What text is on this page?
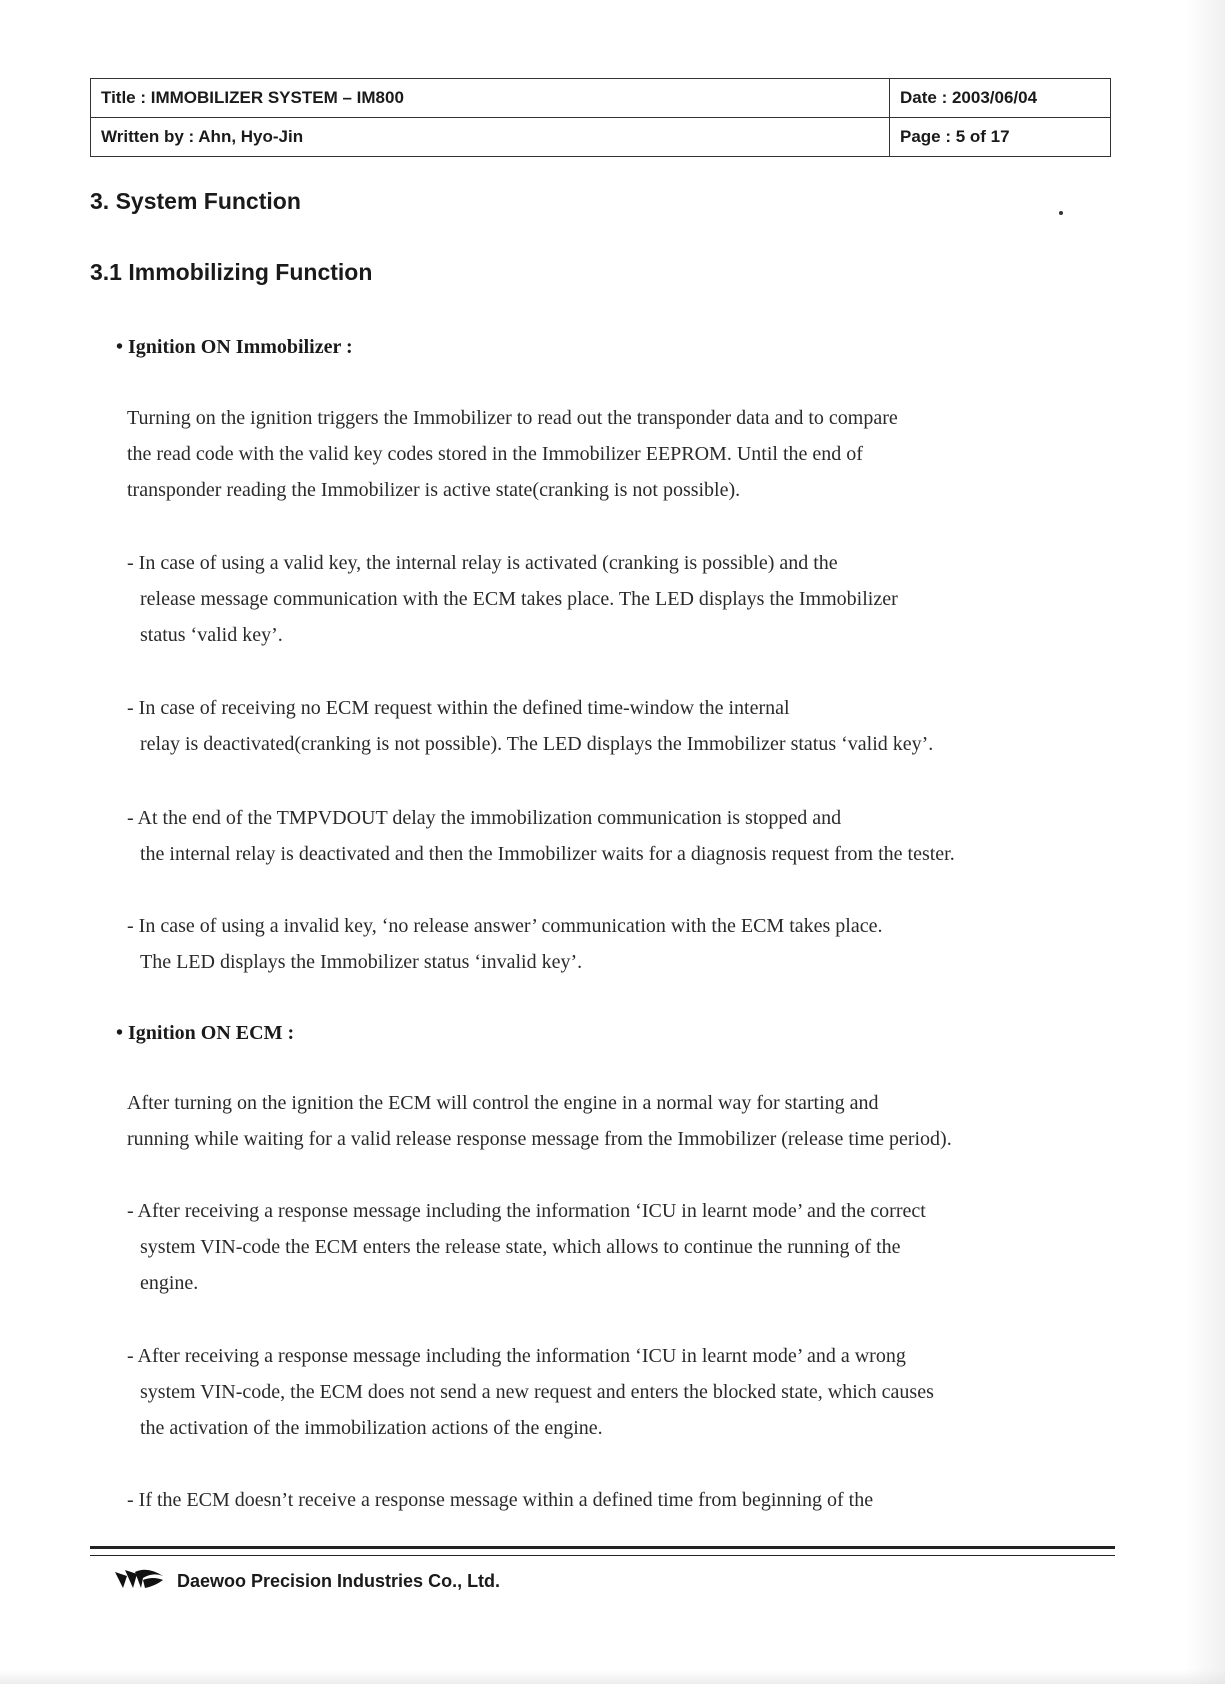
Title : IMMOBILIZER SYSTEM – IM800	Date : 2003/06/04
Written by : Ahn, Hyo-Jin	Page : 5 of 17
3. System Function
3.1 Immobilizing Function
• Ignition ON Immobilizer :

Turning on the ignition triggers the Immobilizer to read out the transponder data and to compare
the read code with the valid key codes stored in the Immobilizer EEPROM. Until the end of
transponder reading the Immobilizer is active state(cranking is not possible).

- In case of using a valid key, the internal relay is activated (cranking is possible) and the
release message communication with the ECM takes place. The LED displays the Immobilizer
status ‘valid key’.

- In case of receiving no ECM request within the defined time-window the internal
relay is deactivated(cranking is not possible). The LED displays the Immobilizer status ‘valid key’.

- At the end of the TMPVDOUT delay the immobilization communication is stopped and
the internal relay is deactivated and then the Immobilizer waits for a diagnosis request from the tester.

- In case of using a invalid key, ‘no release answer’ communication with the ECM takes place.
The LED displays the Immobilizer status ‘invalid key’.

• Ignition ON ECM :

After turning on the ignition the ECM will control the engine in a normal way for starting and
running while waiting for a valid release response message from the Immobilizer (release time period).

- After receiving a response message including the information ‘ICU in learnt mode’ and the correct
system VIN-code the ECM enters the release state, which allows to continue the running of the
engine.

- After receiving a response message including the information ‘ICU in learnt mode’ and a wrong
system VIN-code, the ECM does not send a new request and enters the blocked state, which causes
the activation of the immobilization actions of the engine.

- If the ECM doesn’t receive a response message within a defined time from beginning of the

Daewoo Precision Industries Co., Ltd.
